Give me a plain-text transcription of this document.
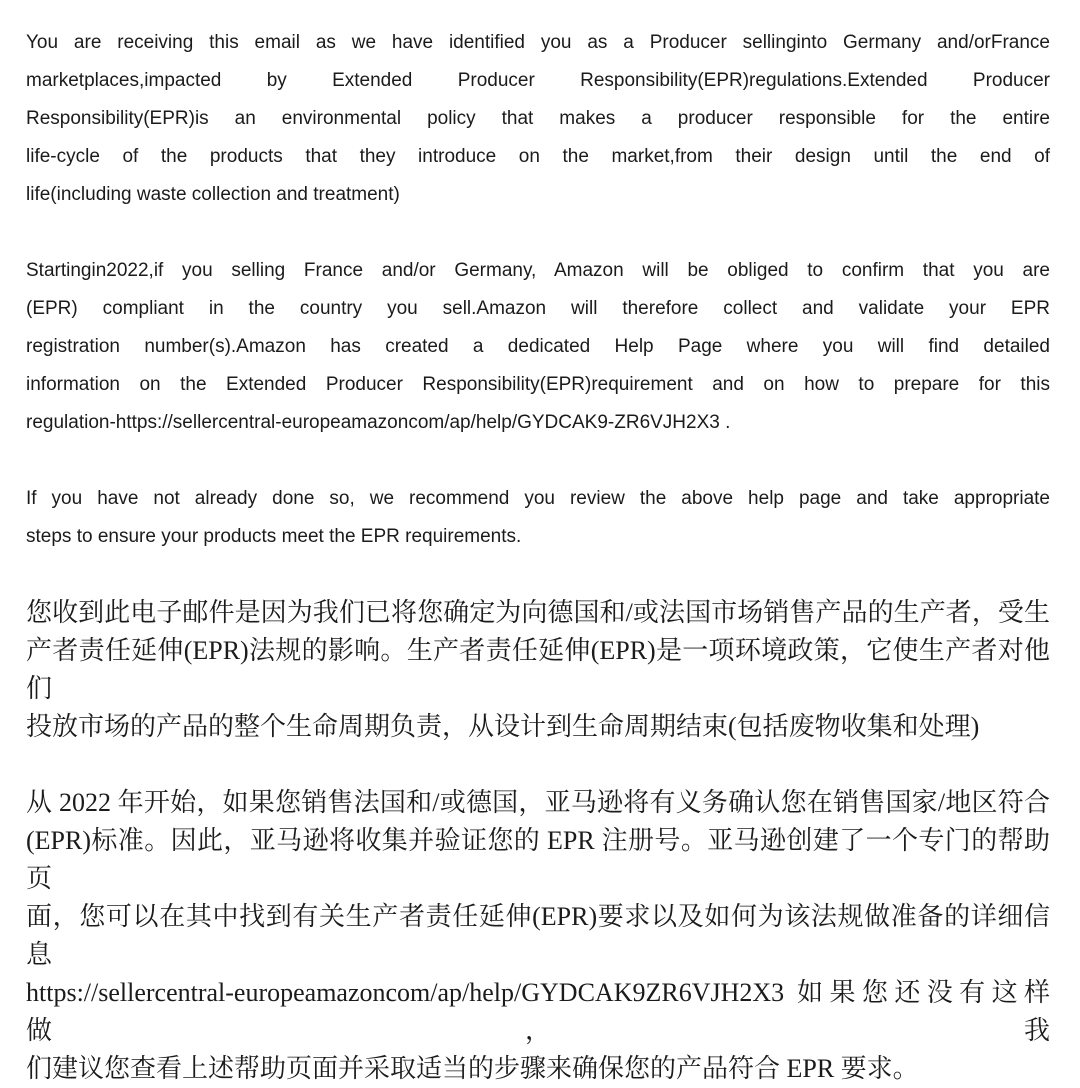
You are receiving this email as we have identified you as a Producer sellinginto Germany and/orFrance
marketplaces,impacted by Extended Producer Responsibility(EPR)regulations.Extended Producer
Responsibility(EPR)is an environmental policy that makes a producer responsible for the entire
life-cycle of the products that they introduce on the market,from their design until the end of
life(including waste collection and treatment)
Startingin2022,if you selling France and/or Germany, Amazon will be obliged to confirm that you are
(EPR) compliant in the country you sell.Amazon will therefore collect and validate your EPR
registration number(s).Amazon has created a dedicated Help Page where you will find detailed
information on the Extended Producer Responsibility(EPR)requirement and on how to prepare for this
regulation-https://sellercentral-europeamazoncom/ap/help/GYDCAK9-ZR6VJH2X3 .
If you have not already done so, we recommend you review the above help page and take appropriate
steps to ensure your products meet the EPR requirements.
您收到此电子邮件是因为我们已将您确定为向德国和/或法国市场销售产品的生产者，受生
产者责任延伸(EPR)法规的影响。生产者责任延伸(EPR)是一项环境政策，它使生产者对他们
投放市场的产品的整个生命周期负责，从设计到生命周期结束(包括废物收集和处理)
从 2022 年开始，如果您销售法国和/或德国，亚马逊将有义务确认您在销售国家/地区符合
(EPR)标准。因此，亚马逊将收集并验证您的 EPR 注册号。亚马逊创建了一个专门的帮助页
面，您可以在其中找到有关生产者责任延伸(EPR)要求以及如何为该法规做准备的详细信息
https://sellercentral-europeamazoncom/ap/help/GYDCAK9ZR6VJH2X3 如果您还没有这样做，我
们建议您查看上述帮助页面并采取适当的步骤来确保您的产品符合 EPR 要求。
